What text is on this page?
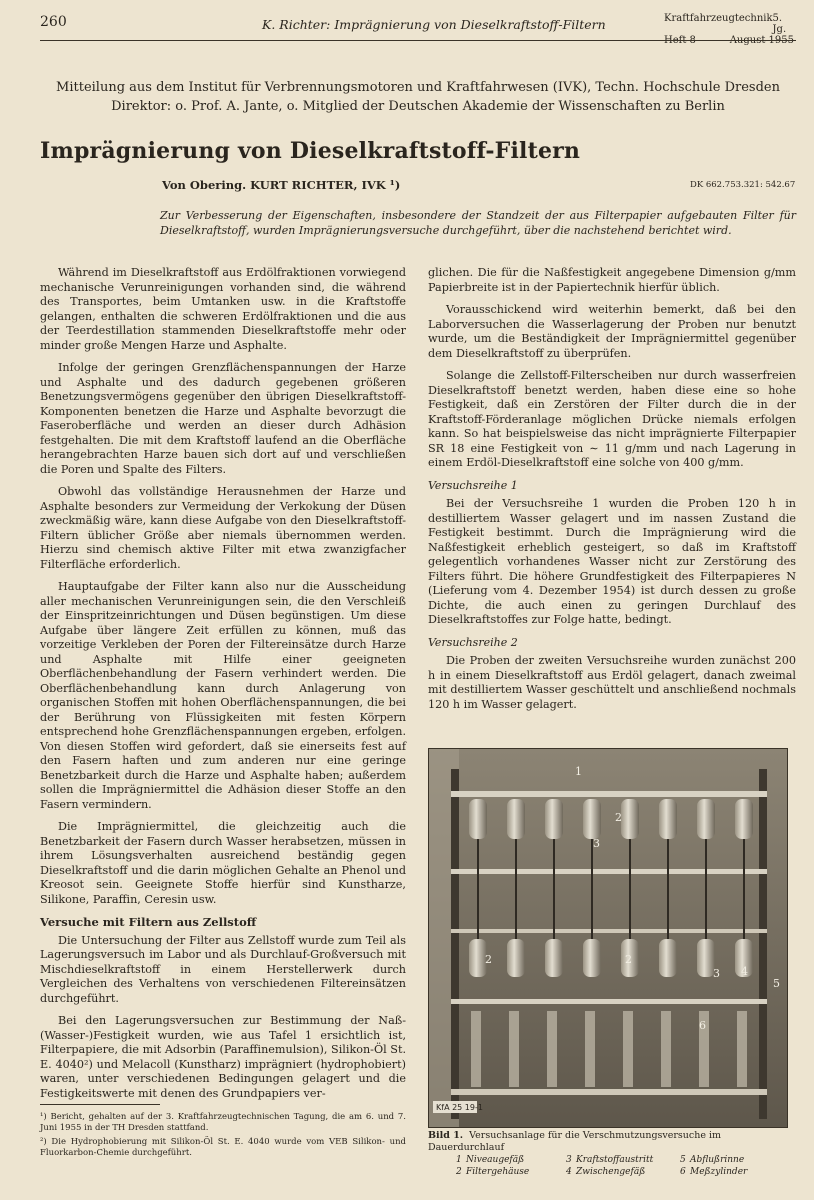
260	K. Richter: Imprägnierung von Dieselkraftstoff-Filtern	Kraftfahrzeugtechnik 5. Jg.
Mitteilung aus dem Institut für Verbrennungsmotoren und Kraftfahrwesen (IVK), Techn. Hochschule Dresden
Direktor: o. Prof. A. Jante, o. Mitglied der Deutschen Akademie der Wissenschaften zu Berlin
Imprägnierung von Dieselkraftstoff-Filtern
Von Obering. KURT RICHTER, IVK ¹)	DK 662.753.321: 542.67
Zur Verbesserung der Eigenschaften, insbesondere der Standzeit der aus Filterpapier aufgebauten Filter für Dieselkraftstoff, wurden Imprägnierungsversuche durchgeführt, über die nachstehend berichtet wird.

Während im Dieselkraftstoff aus Erdölfraktionen vorwiegend mechanische Verunreinigungen vorhanden sind, die während des Transportes, beim Umtanken usw. in die Kraftstoffe gelangen, enthalten die schweren Erdölfraktionen und die aus der Teerdestillation stammenden Dieselkraftstoffe mehr oder minder große Mengen Harze und Asphalte.

Infolge der geringen Grenzflächenspannungen der Harze und Asphalte und des dadurch gegebenen größeren Benetzungsvermögens gegenüber den übrigen Dieselkraftstoff-Komponenten benetzen die Harze und Asphalte bevorzugt die Faseroberfläche und werden an dieser durch Adhäsion festgehalten. Die mit dem Kraftstoff laufend an die Oberfläche herangebrachten Harze bauen sich dort auf und verschließen die Poren und Spalte des Filters.

Obwohl das vollständige Herausnehmen der Harze und Asphalte besonders zur Vermeidung der Verkokung der Düsen zweckmäßig wäre, kann diese Aufgabe von den Dieselkraftstoff-Filtern üblicher Größe aber niemals übernommen werden. Hierzu sind chemisch aktive Filter mit etwa zwanzigfacher Filterfläche erforderlich.

Hauptaufgabe der Filter kann also nur die Ausscheidung aller mechanischen Verunreinigungen sein, die den Verschleiß der Einspritzeinrichtungen und Düsen begünstigen. Um diese Aufgabe über längere Zeit erfüllen zu können, muß das vorzeitige Verkleben der Poren der Filtereinsätze durch Harze und Asphalte mit Hilfe einer geeigneten Oberflächenbehandlung der Fasern verhindert werden. Die Oberflächenbehandlung kann durch Anlagerung von organischen Stoffen mit hohen Oberflächenspannungen, die bei der Berührung von Flüssigkeiten mit festen Körpern entsprechend hohe Grenzflächenspannungen ergeben, erfolgen. Von diesen Stoffen wird gefordert, daß sie einerseits fest auf den Fasern haften und zum anderen nur eine geringe Benetzbarkeit durch die Harze und Asphalte haben; außerdem sollen die Imprägniermittel die Adhäsion dieser Stoffe an den Fasern vermindern.

Die Imprägniermittel, die gleichzeitig auch die Benetzbarkeit der Fasern durch Wasser herabsetzen, müssen in ihrem Lösungsverhalten ausreichend beständig gegen Dieselkraftstoff und die darin möglichen Gehalte an Phenol und Kreosot sein. Geeignete Stoffe hierfür sind Kunstharze, Silikone, Paraffin, Ceresin usw.

Versuche mit Filtern aus Zellstoff

Die Untersuchung der Filter aus Zellstoff wurde zum Teil als Lagerungsversuch im Labor und als Durchlauf-Großversuch mit Mischdieselkraftstoff in einem Herstellerwerk durch Vergleichen des Verhaltens von verschiedenen Filtereinsätzen durchgeführt.

Bei den Lagerungsversuchen zur Bestimmung der Naß-(Wasser-)Festigkeit wurden, wie aus Tafel 1 ersichtlich ist, Filterpapiere, die mit Adsorbin (Paraffinemulsion), Silikon-Öl St. E. 4040²) und Melacoll (Kunstharz) imprägniert (hydrophobiert) waren, unter verschiedenen Bedingungen gelagert und die Festigkeitswerte mit denen des Grundpapiers ver-

¹) Bericht, gehalten auf der 3. Kraftfahrzeugtechnischen Tagung, die am 6. und 7. Juni 1955 in der TH Dresden stattfand.
²) Die Hydrophobierung mit Silikon-Öl St. E. 4040 wurde vom VEB Silikon- und Fluorkarbon-Chemie durchgeführt.

glichen. Die für die Naßfestigkeit angegebene Dimension g/mm Papierbreite ist in der Papiertechnik hierfür üblich.

Vorausschickend wird weiterhin bemerkt, daß bei den Laborversuchen die Wasserlagerung der Proben nur benutzt wurde, um die Beständigkeit der Imprägniermittel gegenüber dem Dieselkraftstoff zu überprüfen.

Solange die Zellstoff-Filterscheiben nur durch wasserfreien Dieselkraftstoff benetzt werden, haben diese eine so hohe Festigkeit, daß ein Zerstören der Filter durch die in der Kraftstoff-Förderanlage möglichen Drücke niemals erfolgen kann. So hat beispielsweise das nicht imprägnierte Filterpapier SR 18 eine Festigkeit von ∼ 11 g/mm und nach Lagerung in einem Erdöl-Dieselkraftstoff eine solche von 400 g/mm.

Versuchsreihe 1

Bei der Versuchsreihe 1 wurden die Proben 120 h in destilliertem Wasser gelagert und im nassen Zustand die Festigkeit bestimmt. Durch die Imprägnierung wird die Naßfestigkeit erheblich gesteigert, so daß im Kraftstoff gelegentlich vorhandenes Wasser nicht zur Zerstörung des Filters führt. Die höhere Grundfestigkeit des Filterpapieres N (Lieferung vom 4. Dezember 1954) ist durch dessen zu große Dichte, die auch einen zu geringen Durchlauf des Dieselkraftstoffes zur Folge hatte, bedingt.

Versuchsreihe 2

Die Proben der zweiten Versuchsreihe wurden zunächst 200 h in einem Dieselkraftstoff aus Erdöl gelagert, danach zweimal mit destilliertem Wasser geschüttelt und anschließend nochmals 120 h im Wasser gelagert.

KfA 25 19-1
1
2
3
2	2
3 4
5
6
Bild 1. Versuchsanlage für die Verschmutzungsversuche im Dauerdurchlauf
1 Niveaugefäß	3 Kraftstoffaustritt	5 Abflußrinne
2 Filtergehäuse	4 Zwischengefäß	6 Meßzylinder
